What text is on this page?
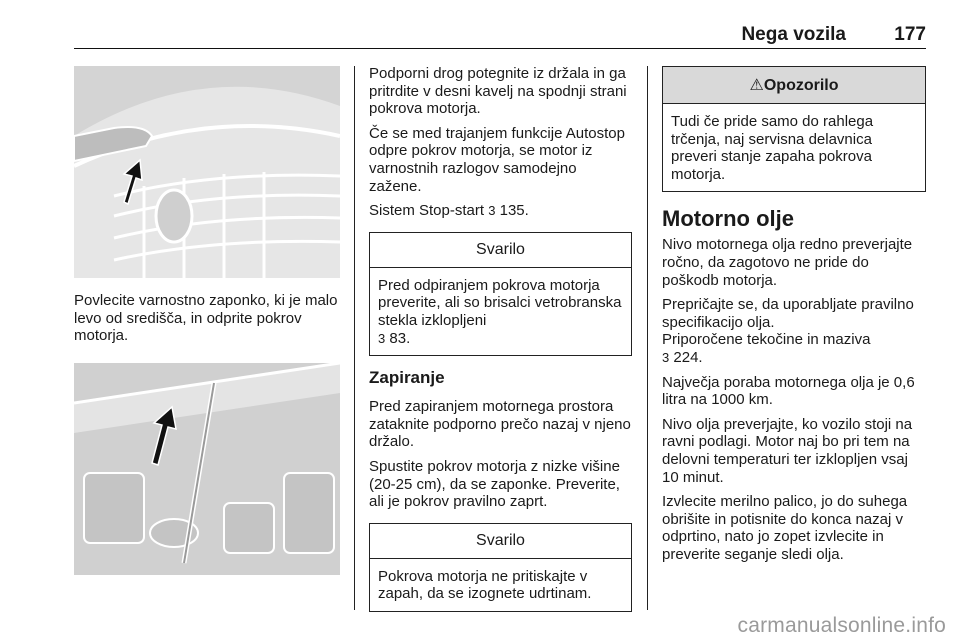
Nega vozila	177

Povlecite varnostno zaponko, ki je malo levo od središča, in odprite pokrov motorja.

Podporni drog potegnite iz držala in ga pritrdite v desni kavelj na spodnji strani pokrova motorja.

Če se med trajanjem funkcije Autostop odpre pokrov motorja, se motor iz varnostnih razlogov samodejno zažene.

Sistem Stop-start 3 135.

Svarilo
Pred odpiranjem pokrova motorja preverite, ali so brisalci vetrobranska stekla izklopljeni
3 83.
Zapiranje

Pred zapiranjem motornega prostora zataknite podporno prečo nazaj v njeno držalo.

Spustite pokrov motorja z nizke višine (20-25 cm), da se zaponke. Preverite, ali je pokrov pravilno zaprt.

Svarilo
Pokrova motorja ne pritiskajte v zapah, da se izognete udrtinam.
⚠Opozorilo
Tudi če pride samo do rahlega trčenja, naj servisna delavnica preveri stanje zapaha pokrova motorja.
Motorno olje

Nivo motornega olja redno preverjajte ročno, da zagotovo ne pride do poškodb motorja.

Prepričajte se, da uporabljate pravilno specifikacijo olja.
Priporočene tekočine in maziva
3 224.

Največja poraba motornega olja je 0,6 litra na 1000 km.

Nivo olja preverjajte, ko vozilo stoji na ravni podlagi. Motor naj bo pri tem na delovni temperaturi ter izklopljen vsaj 10 minut.

Izvlecite merilno palico, jo do suhega obrišite in potisnite do konca nazaj v odprtino, nato jo zopet izvlecite in preverite seganje sledi olja.

carmanualsonline.info
